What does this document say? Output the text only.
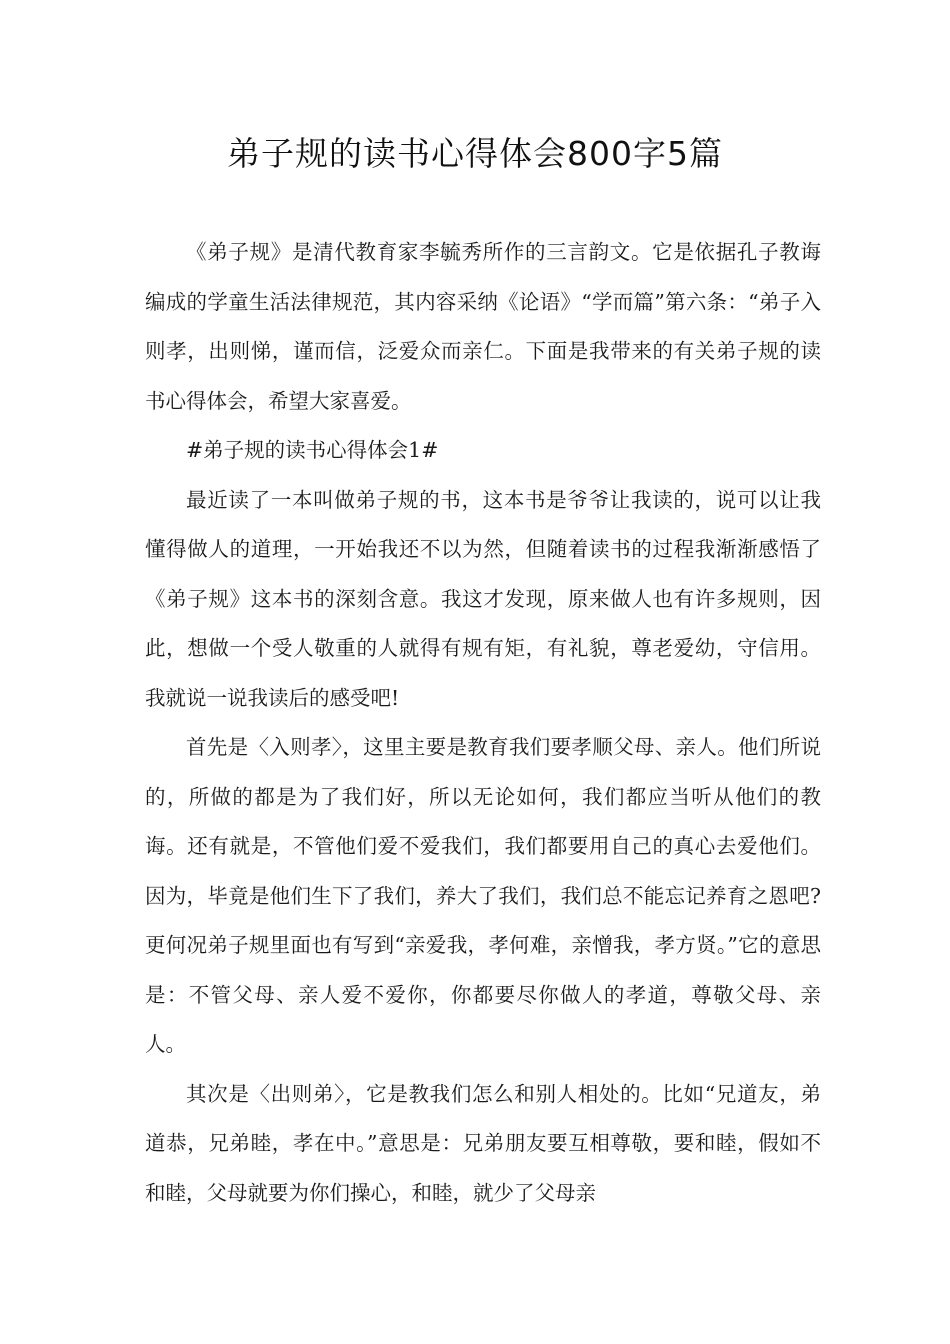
弟子规的读书心得体会800字5篇

《弟子规》是清代教育家李毓秀所作的三言韵文。它是依据孔子教诲编成的学童生活法律规范，其内容采纳《论语》“学而篇”第六条：“弟子入则孝，出则悌，谨而信，泛爱众而亲仁。下面是我带来的有关弟子规的读书心得体会，希望大家喜爱。

#弟子规的读书心得体会1#

最近读了一本叫做弟子规的书，这本书是爷爷让我读的，说可以让我懂得做人的道理，一开始我还不以为然，但随着读书的过程我渐渐感悟了《弟子规》这本书的深刻含意。我这才发现，原来做人也有许多规则，因此，想做一个受人敬重的人就得有规有矩，有礼貌，尊老爱幼，守信用。我就说一说我读后的感受吧!

首先是〈入则孝〉，这里主要是教育我们要孝顺父母、亲人。他们所说的，所做的都是为了我们好，所以无论如何，我们都应当听从他们的教诲。还有就是，不管他们爱不爱我们，我们都要用自己的真心去爱他们。因为，毕竟是他们生下了我们，养大了我们，我们总不能忘记养育之恩吧?更何况弟子规里面也有写到“亲爱我，孝何难，亲憎我，孝方贤。”它的意思是：不管父母、亲人爱不爱你，你都要尽你做人的孝道，尊敬父母、亲人。

其次是〈出则弟〉，它是教我们怎么和别人相处的。比如“兄道友，弟道恭，兄弟睦，孝在中。”意思是：兄弟朋友要互相尊敬，要和睦，假如不和睦，父母就要为你们操心，和睦，就少了父母亲
